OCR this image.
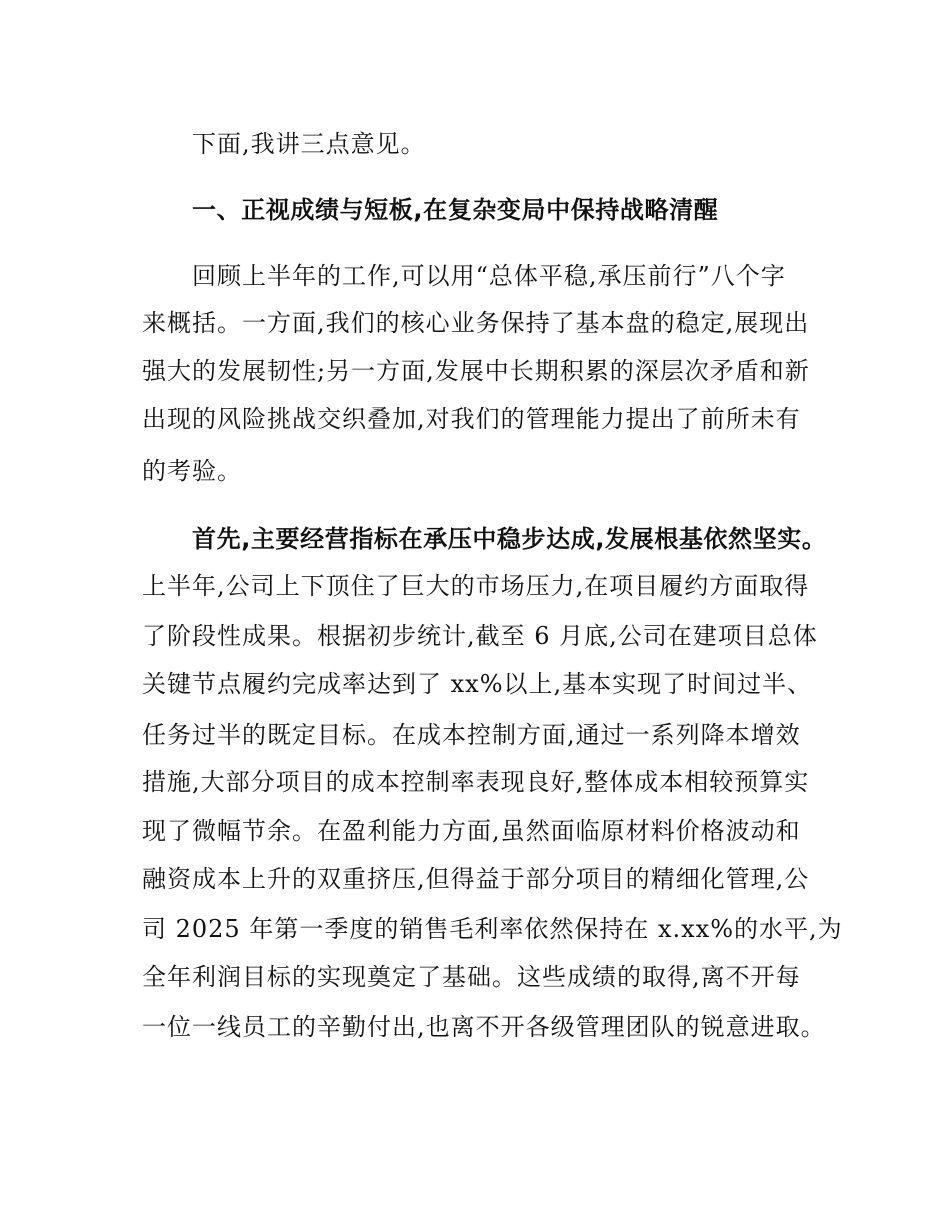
下面,我讲三点意见。
一、正视成绩与短板,在复杂变局中保持战略清醒
回顾上半年的工作,可以用“总体平稳,承压前行”八个字
来概括。一方面,我们的核心业务保持了基本盘的稳定,展现出
强大的发展韧性;另一方面,发展中长期积累的深层次矛盾和新
出现的风险挑战交织叠加,对我们的管理能力提出了前所未有
的考验。
首先,主要经营指标在承压中稳步达成,发展根基依然坚实。
上半年,公司上下顶住了巨大的市场压力,在项目履约方面取得
了阶段性成果。根据初步统计,截至 6 月底,公司在建项目总体
关键节点履约完成率达到了 xx%以上,基本实现了时间过半、
任务过半的既定目标。在成本控制方面,通过一系列降本增效
措施,大部分项目的成本控制率表现良好,整体成本相较预算实
现了微幅节余。在盈利能力方面,虽然面临原材料价格波动和
融资成本上升的双重挤压,但得益于部分项目的精细化管理,公
司 2025 年第一季度的销售毛利率依然保持在 x.xx%的水平,为
全年利润目标的实现奠定了基础。这些成绩的取得,离不开每
一位一线员工的辛勤付出,也离不开各级管理团队的锐意进取。
